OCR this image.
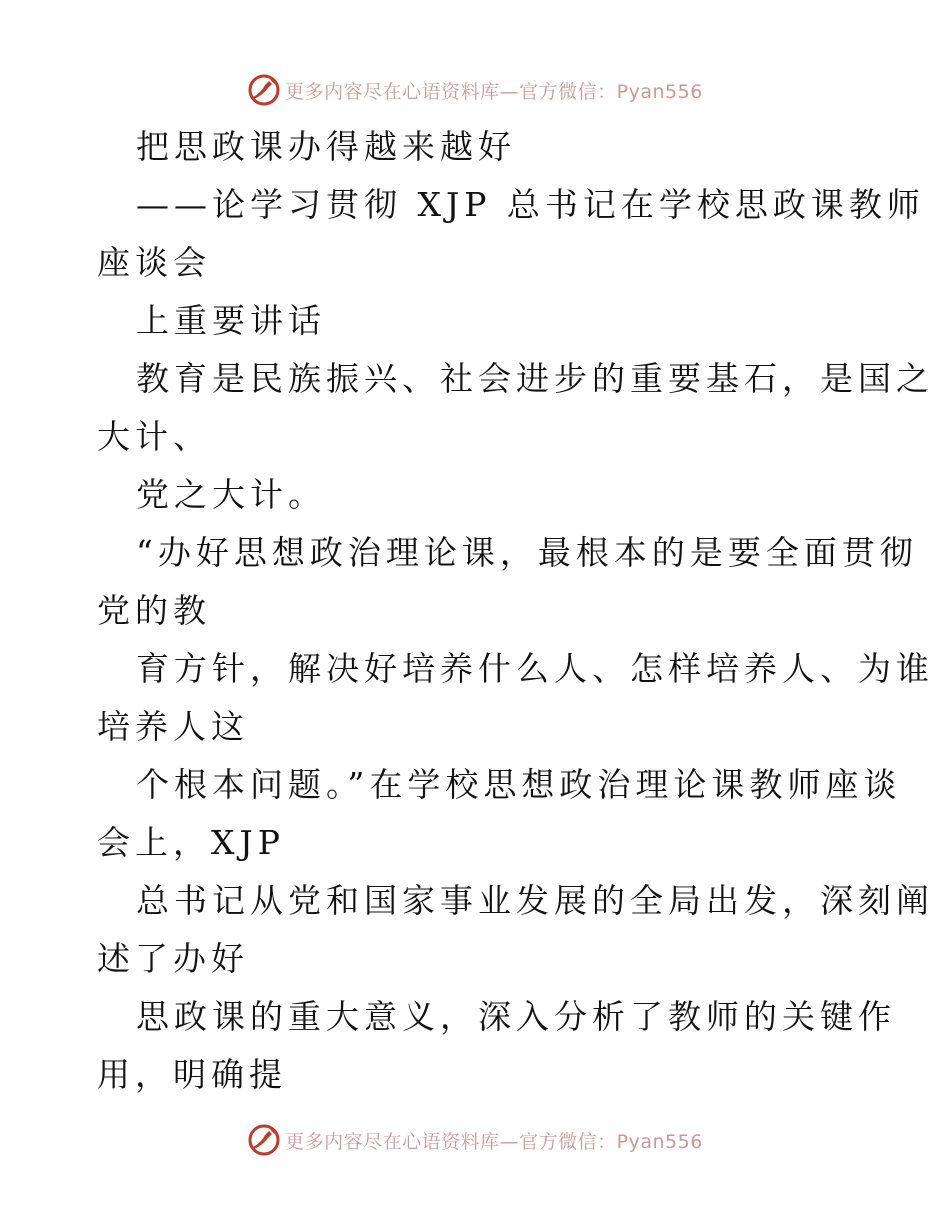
更多内容尽在心语资料库—官方微信：Pyan556

把思政课办得越来越好

——论学习贯彻 XJP 总书记在学校思政课教师

座谈会

上重要讲话

教育是民族振兴、社会进步的重要基石，是国之

大计、

党之大计。

“办好思想政治理论课，最根本的是要全面贯彻

党的教

育方针，解决好培养什么人、怎样培养人、为谁

培养人这

个根本问题。”在学校思想政治理论课教师座谈

会上，XJP

总书记从党和国家事业发展的全局出发，深刻阐

述了办好

思政课的重大意义，深入分析了教师的关键作

用，明确提

更多内容尽在心语资料库—官方微信：Pyan556
